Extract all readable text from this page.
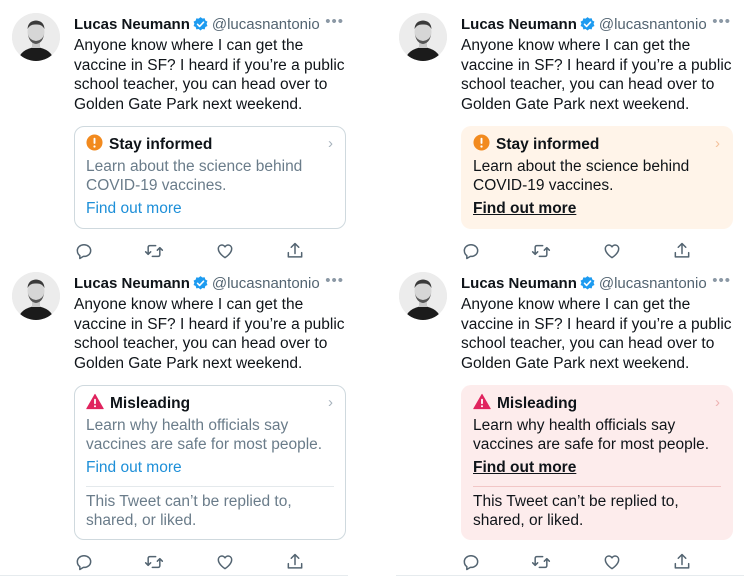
Lucas Neumann @lucasnantonio •••
Anyone know where I can get the vaccine in SF? I heard if you’re a public school teacher, you can head over to Golden Gate Park next weekend.
Stay informed	›
Learn about the science behind COVID-19 vaccines.
Find out more
Lucas Neumann @lucasnantonio •••
Anyone know where I can get the vaccine in SF? I heard if you’re a public school teacher, you can head over to Golden Gate Park next weekend.
Stay informed	›
Learn about the science behind COVID-19 vaccines.
Find out more
Lucas Neumann @lucasnantonio •••
Anyone know where I can get the vaccine in SF? I heard if you’re a public school teacher, you can head over to Golden Gate Park next weekend.
Misleading	›
Learn why health officials say vaccines are safe for most people.
Find out more
This Tweet can’t be replied to, shared, or liked.
Lucas Neumann @lucasnantonio •••
Anyone know where I can get the vaccine in SF? I heard if you’re a public school teacher, you can head over to Golden Gate Park next weekend.
Misleading	›
Learn why health officials say vaccines are safe for most people.
Find out more
This Tweet can’t be replied to, shared, or liked.
